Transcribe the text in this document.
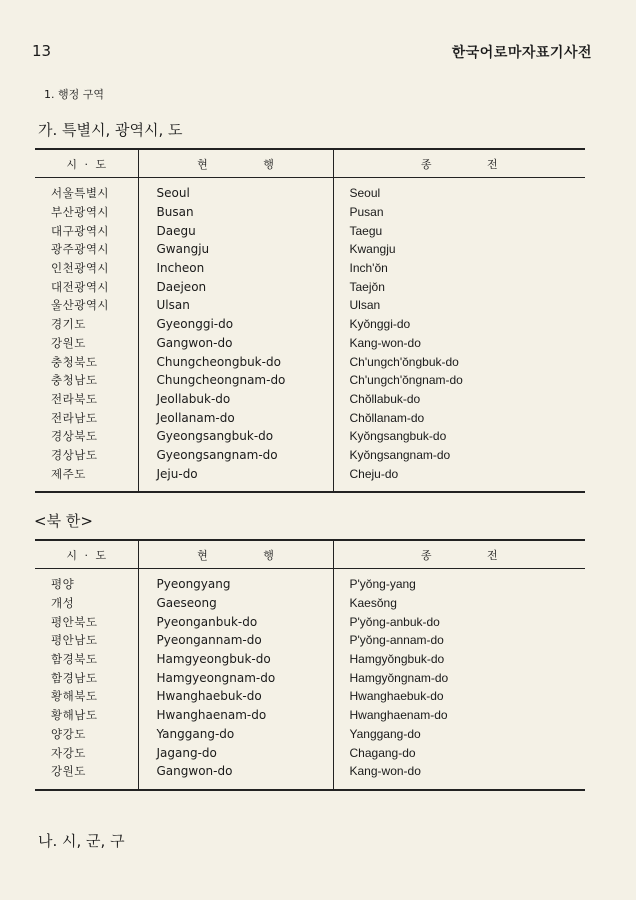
13	한국어로마자표기사전
1. 행정 구역
가. 특별시, 광역시, 도
시 · 도	현 행	종 전
서울특별시	Seoul	Seoul
부산광역시	Busan	Pusan
대구광역시	Daegu	Taegu
광주광역시	Gwangju	Kwangju
인천광역시	Incheon	Inch'ŏn
대전광역시	Daejeon	Taejŏn
울산광역시	Ulsan	Ulsan
경기도	Gyeonggi-do	Kyŏnggi-do
강원도	Gangwon-do	Kang-won-do
충청북도	Chungcheongbuk-do	Ch'ungch'ŏngbuk-do
충청남도	Chungcheongnam-do	Ch'ungch'ŏngnam-do
전라북도	Jeollabuk-do	Chŏllabuk-do
전라남도	Jeollanam-do	Chŏllanam-do
경상북도	Gyeongsangbuk-do	Kyŏngsangbuk-do
경상남도	Gyeongsangnam-do	Kyŏngsangnam-do
제주도	Jeju-do	Cheju-do
<북 한>
시 · 도	현 행	종 전
평양	Pyeongyang	P'yŏng-yang
개성	Gaeseong	Kaesŏng
평안북도	Pyeonganbuk-do	P'yŏng-anbuk-do
평안남도	Pyeongannam-do	P'yŏng-annam-do
함경북도	Hamgyeongbuk-do	Hamgyŏngbuk-do
함경남도	Hamgyeongnam-do	Hamgyŏngnam-do
황해북도	Hwanghaebuk-do	Hwanghaebuk-do
황해남도	Hwanghaenam-do	Hwanghaenam-do
양강도	Yanggang-do	Yanggang-do
자강도	Jagang-do	Chagang-do
강원도	Gangwon-do	Kang-won-do
나. 시, 군, 구
